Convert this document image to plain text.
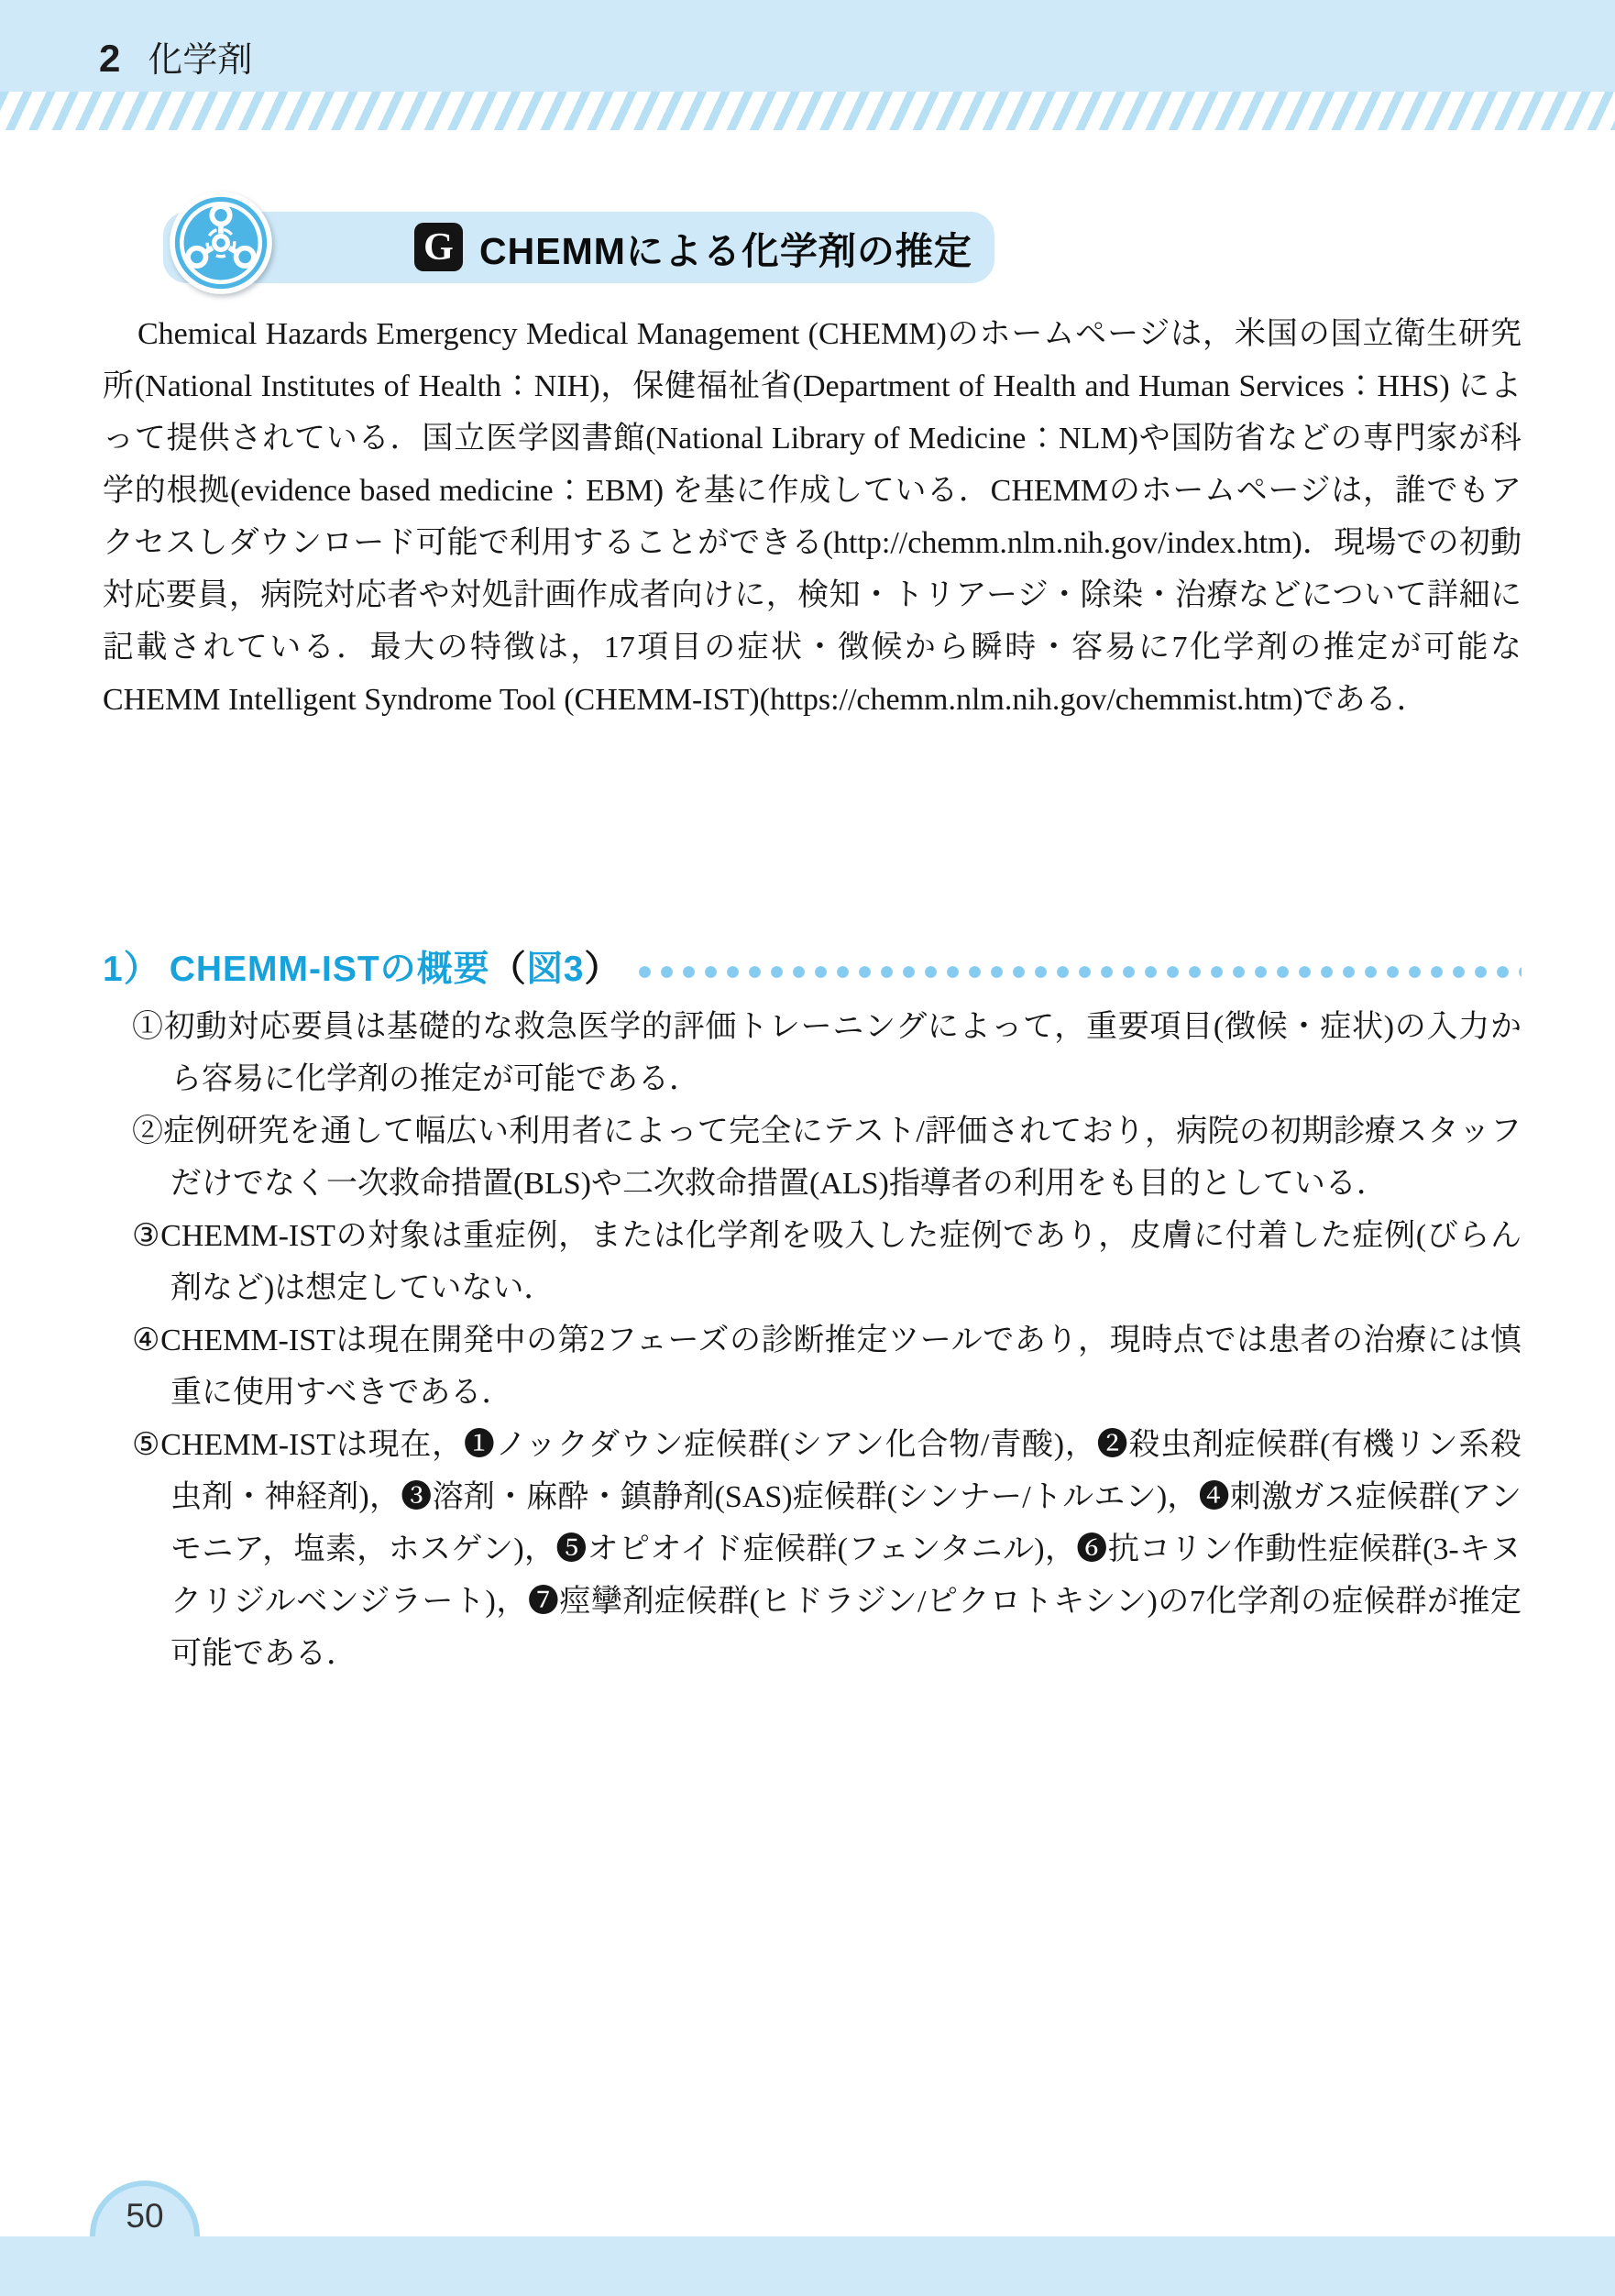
2 化学剤
G CHEMMによる化学剤の推定

Chemical Hazards Emergency Medical Management (CHEMM)のホームページは，米国の国立衛生研究所(National Institutes of Health：NIH)，保健福祉省(Department of Health and Human Services：HHS) によって提供されている．国立医学図書館(National Library of Medicine：NLM)や国防省などの専門家が科学的根拠(evidence based medicine：EBM) を基に作成している．CHEMMのホームページは，誰でもアクセスしダウンロード可能で利用することができる(http://chemm.nlm.nih.gov/index.htm)．現場での初動対応要員，病院対応者や対処計画作成者向けに，検知・トリアージ・除染・治療などについて詳細に記載されている．最大の特徴は，17項目の症状・徴候から瞬時・容易に7化学剤の推定が可能なCHEMM Intelligent Syndrome Tool (CHEMM-IST)(https://chemm.nlm.nih.gov/chemmist.htm)である．

1） CHEMM-ISTの概要（図3）

①初動対応要員は基礎的な救急医学的評価トレーニングによって，重要項目(徴候・症状)の入力から容易に化学剤の推定が可能である．

②症例研究を通して幅広い利用者によって完全にテスト/評価されており，病院の初期診療スタッフだけでなく一次救命措置(BLS)や二次救命措置(ALS)指導者の利用をも目的としている．

③CHEMM-ISTの対象は重症例，または化学剤を吸入した症例であり，皮膚に付着した症例(びらん剤など)は想定していない．

④CHEMM-ISTは現在開発中の第2フェーズの診断推定ツールであり，現時点では患者の治療には慎重に使用すべきである．

⑤CHEMM-ISTは現在，❶ノックダウン症候群(シアン化合物/青酸)，❷殺虫剤症候群(有機リン系殺虫剤・神経剤)，❸溶剤・麻酔・鎮静剤(SAS)症候群(シンナー/トルエン)，❹刺激ガス症候群(アンモニア，塩素，ホスゲン)，❺オピオイド症候群(フェンタニル)，❻抗コリン作動性症候群(3-キヌクリジルベンジラート)，❼痙攣剤症候群(ヒドラジン/ピクロトキシン)の7化学剤の症候群が推定可能である．

50
